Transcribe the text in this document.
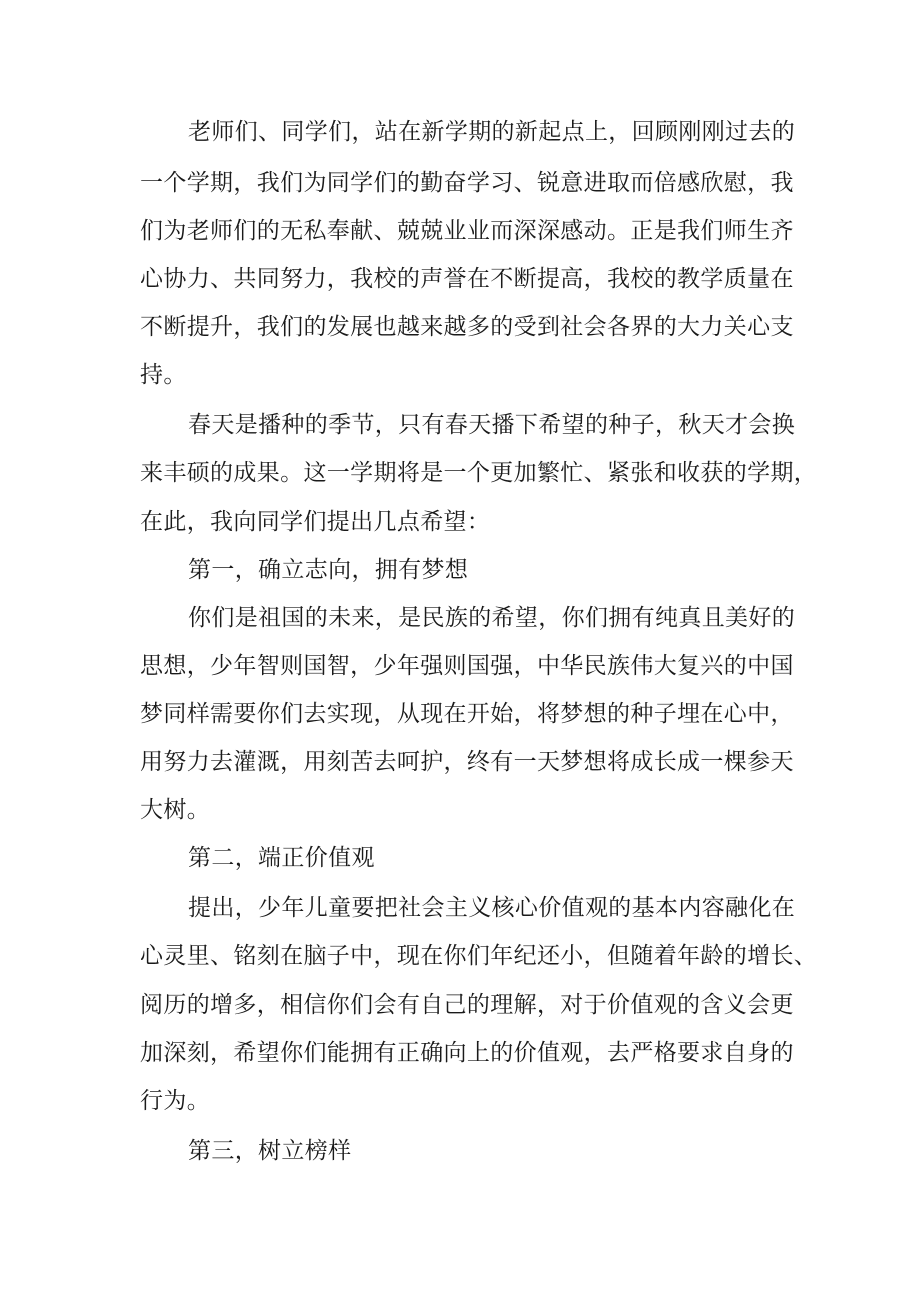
老师们、同学们，站在新学期的新起点上，回顾刚刚过去的
一个学期，我们为同学们的勤奋学习、锐意进取而倍感欣慰，我
们为老师们的无私奉献、兢兢业业而深深感动。正是我们师生齐
心协力、共同努力，我校的声誉在不断提高，我校的教学质量在
不断提升，我们的发展也越来越多的受到社会各界的大力关心支
持。
春天是播种的季节，只有春天播下希望的种子，秋天才会换
来丰硕的成果。这一学期将是一个更加繁忙、紧张和收获的学期，
在此，我向同学们提出几点希望：
第一，确立志向，拥有梦想
你们是祖国的未来，是民族的希望，你们拥有纯真且美好的
思想，少年智则国智，少年强则国强，中华民族伟大复兴的中国
梦同样需要你们去实现，从现在开始，将梦想的种子埋在心中，
用努力去灌溉，用刻苦去呵护，终有一天梦想将成长成一棵参天
大树。
第二，端正价值观
提出，少年儿童要把社会主义核心价值观的基本内容融化在
心灵里、铭刻在脑子中，现在你们年纪还小，但随着年龄的增长、
阅历的增多，相信你们会有自己的理解，对于价值观的含义会更
加深刻，希望你们能拥有正确向上的价值观，去严格要求自身的
行为。
第三，树立榜样
